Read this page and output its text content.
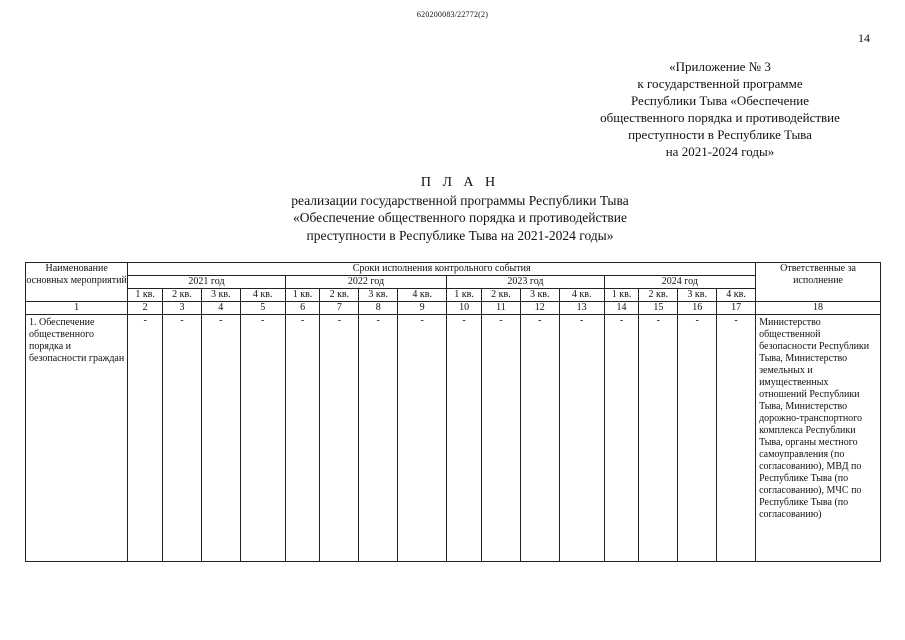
620200083/22772(2)
14
«Приложение № 3
к государственной программе
Республики Тыва «Обеспечение
общественного порядка и противодействие
преступности в Республике Тыва
на 2021-2024 годы»
П Л А Н
реализации государственной программы Республики Тыва
«Обеспечение общественного порядка и противодействие
преступности в Республике Тыва на 2021-2024 годы»
Наименование основных мероприятий	Сроки исполнения контрольного события																Ответственные за исполнение
	2021 год				2022 год				2023 год				2024 год				
	1 кв.	2 кв.	3 кв.	4 кв.	1 кв.	2 кв.	3 кв.	4 кв.	1 кв.	2 кв.	3 кв.	4 кв.	1 кв.	2 кв.	3 кв.	4 кв.	
1	2	3	4	5	6	7	8	9	10	11	12	13	14	15	16	17	18
1. Обеспечение общественного порядка и безопасности граждан	-	-	-	-	-	-	-	-	-	-	-	-	-	-	-	-	Министерство общественной безопасности Республики Тыва, Министерство земельных и имущественных отношений Республики Тыва, Министерство дорожно-транспортного комплекса Республики Тыва, органы местного самоуправления (по согласованию), МВД по Республике Тыва (по согласованию), МЧС по Республике Тыва (по согласованию)
